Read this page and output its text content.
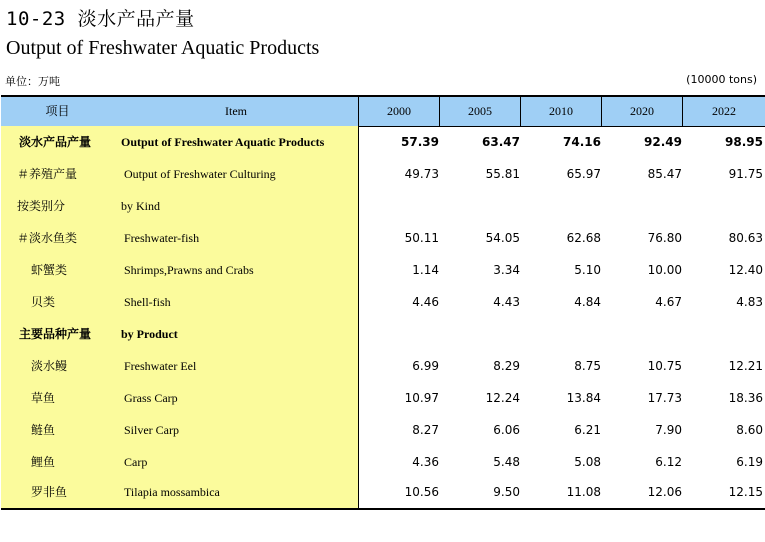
10-23 淡水产品产量
Output of Freshwater Aquatic Products
单位：万吨	(10000 tons)
项目	Item	2000	2005	2010	2020	2022
淡水产品产量 Output of Freshwater Aquatic Products	57.39	63.47	74.16	92.49	98.95
＃养殖产量	Output of Freshwater Culturing	49.73	55.81	65.97	85.47	91.75
按类别分	by Kind
＃淡水鱼类	Freshwater-fish	50.11	54.05	62.68	76.80	80.63
虾蟹类	Shrimps,Prawns and Crabs	1.14	3.34	5.10	10.00	12.40
贝类	Shell-fish	4.46	4.43	4.84	4.67	4.83
主要品种产量 by Product
淡水鳗	Freshwater Eel	6.99	8.29	8.75	10.75	12.21
草鱼	Grass Carp	10.97	12.24	13.84	17.73	18.36
鲢鱼	Silver Carp	8.27	6.06	6.21	7.90	8.60
鲤鱼	Carp	4.36	5.48	5.08	6.12	6.19
罗非鱼	Tilapia mossambica	10.56	9.50	11.08	12.06	12.15
